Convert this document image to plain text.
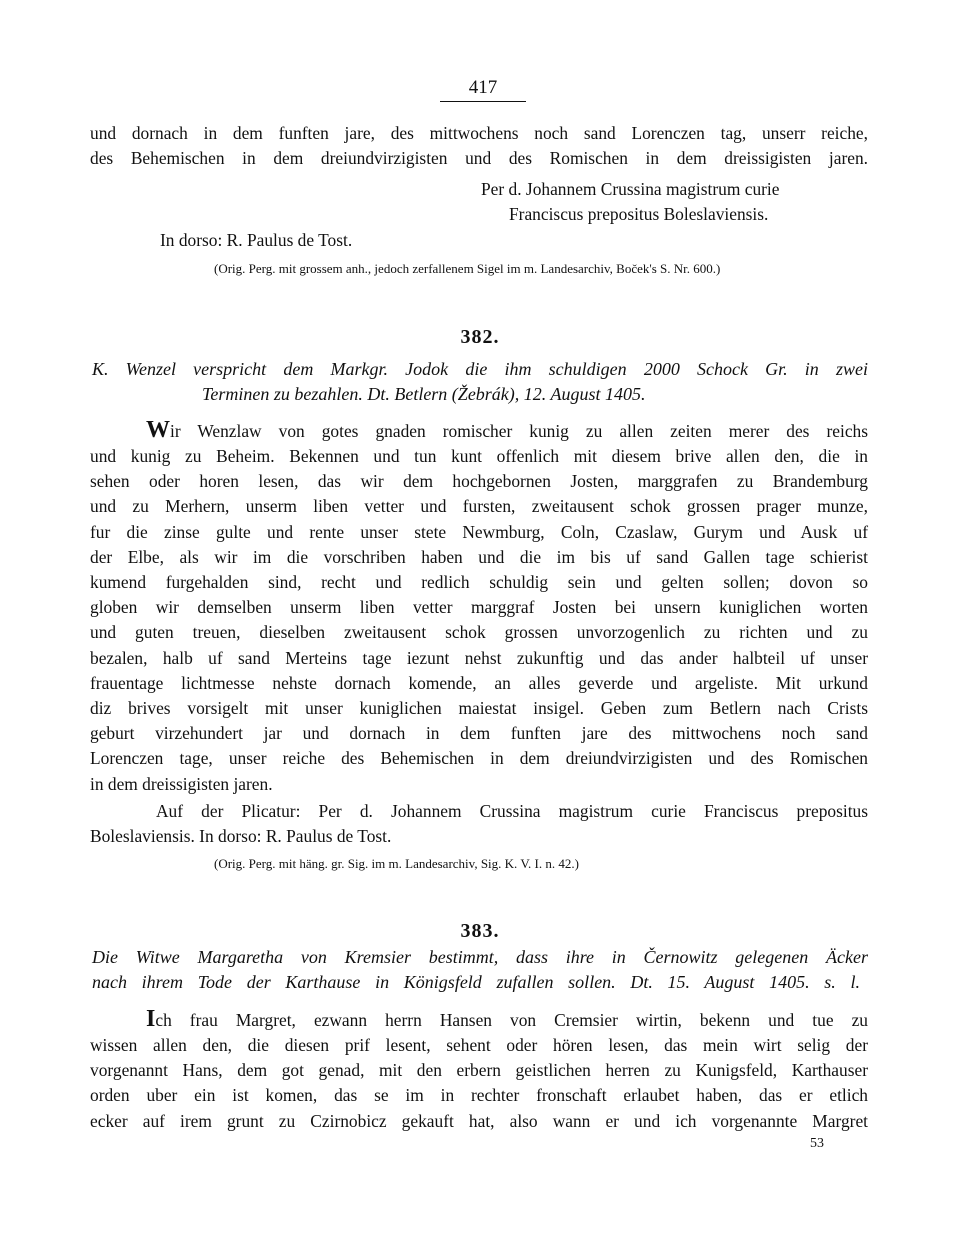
417
und dornach in dem funften jare, des mittwochens noch sand Lorenczen tag, unserr reiche,
des Behemischen in dem dreiundvirzigisten und des Romischen in dem dreissigisten jaren.
Per d. Johannem Crussina magistrum curie
Franciscus prepositus Boleslaviensis.
In dorso: R. Paulus de Tost.
(Orig. Perg. mit grossem anh., jedoch zerfallenem Sigel im m. Landesarchiv, Boček's S. Nr. 600.)
382.
K. Wenzel verspricht dem Markgr. Jodok die ihm schuldigen 2000 Schock Gr. in zwei
Terminen zu bezahlen. Dt. Betlern (Žebrák), 12. August 1405.
Wir Wenzlaw von gotes gnaden romischer kunig zu allen zeiten merer des reichs
und kunig zu Beheim. Bekennen und tun kunt offenlich mit diesem brive allen den, die in
sehen oder horen lesen, das wir dem hochgebornen Josten, marggrafen zu Brandemburg
und zu Merhern, unserm liben vetter und fursten, zweitausent schok grossen prager munze,
fur die zinse gulte und rente unser stete Newmburg, Coln, Czaslaw, Gurym und Ausk uf
der Elbe, als wir im die vorschriben haben und die im bis uf sand Gallen tage schierist
kumend furgehalden sind, recht und redlich schuldig sein und gelten sollen; dovon so
globen wir demselben unserm liben vetter marggraf Josten bei unsern kuniglichen worten
und guten treuen, dieselben zweitausent schok grossen unvorzogenlich zu richten und zu
bezalen, halb uf sand Merteins tage iezunt nehst zukunftig und das ander halbteil uf unser
frauentage lichtmesse nehste dornach komende, an alles geverde und argeliste. Mit urkund
diz brives vorsigelt mit unser kuniglichen maiestat insigel. Geben zum Betlern nach Crists
geburt virzehundert jar und dornach in dem funften jare des mittwochens noch sand
Lorenczen tage, unser reiche des Behemischen in dem dreiundvirzigisten und des Romischen
in dem dreissigisten jaren.
Auf der Plicatur: Per d. Johannem Crussina magistrum curie Franciscus prepositus
Boleslaviensis. In dorso: R. Paulus de Tost.
(Orig. Perg. mit häng. gr. Sig. im m. Landesarchiv, Sig. K. V. I. n. 42.)
383.
Die Witwe Margaretha von Kremsier bestimmt, dass ihre in Černowitz gelegenen Äcker
nach ihrem Tode der Karthause in Königsfeld zufallen sollen. Dt. 15. August 1405. s. l.
Ich frau Margret, ezwann herrn Hansen von Cremsier wirtin, bekenn und tue zu
wissen allen den, die diesen prif lesent, sehent oder hören lesen, das mein wirt selig der
vorgenannt Hans, dem got genad, mit den erbern geistlichen herren zu Kunigsfeld, Karthauser
orden uber ein ist komen, das se im in rechter fronschaft erlaubet haben, das er etlich
ecker auf irem grunt zu Czirnobicz gekauft hat, also wann er und ich vorgenannte Margret
53
